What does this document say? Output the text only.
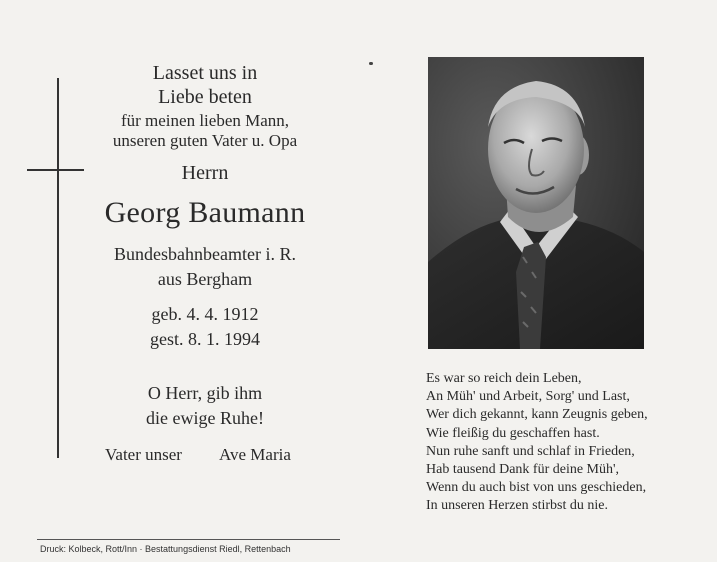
Lasset uns in
Liebe beten
für meinen lieben Mann,
unseren guten Vater u. Opa
Herrn
Georg Baumann
Bundesbahnbeamter i. R.
aus Bergham
geb. 4. 4. 1912
gest. 8. 1. 1994
O Herr, gib ihm
die ewige Ruhe!
Vater unser Ave Maria
Es war so reich dein Leben,
An Müh' und Arbeit, Sorg' und Last,
Wer dich gekannt, kann Zeugnis geben,
Wie fleißig du geschaffen hast.
Nun ruhe sanft und schlaf in Frieden,
Hab tausend Dank für deine Müh',
Wenn du auch bist von uns geschieden,
In unseren Herzen stirbst du nie.
Druck: Kolbeck, Rott/Inn · Bestattungsdienst Riedl, Rettenbach
